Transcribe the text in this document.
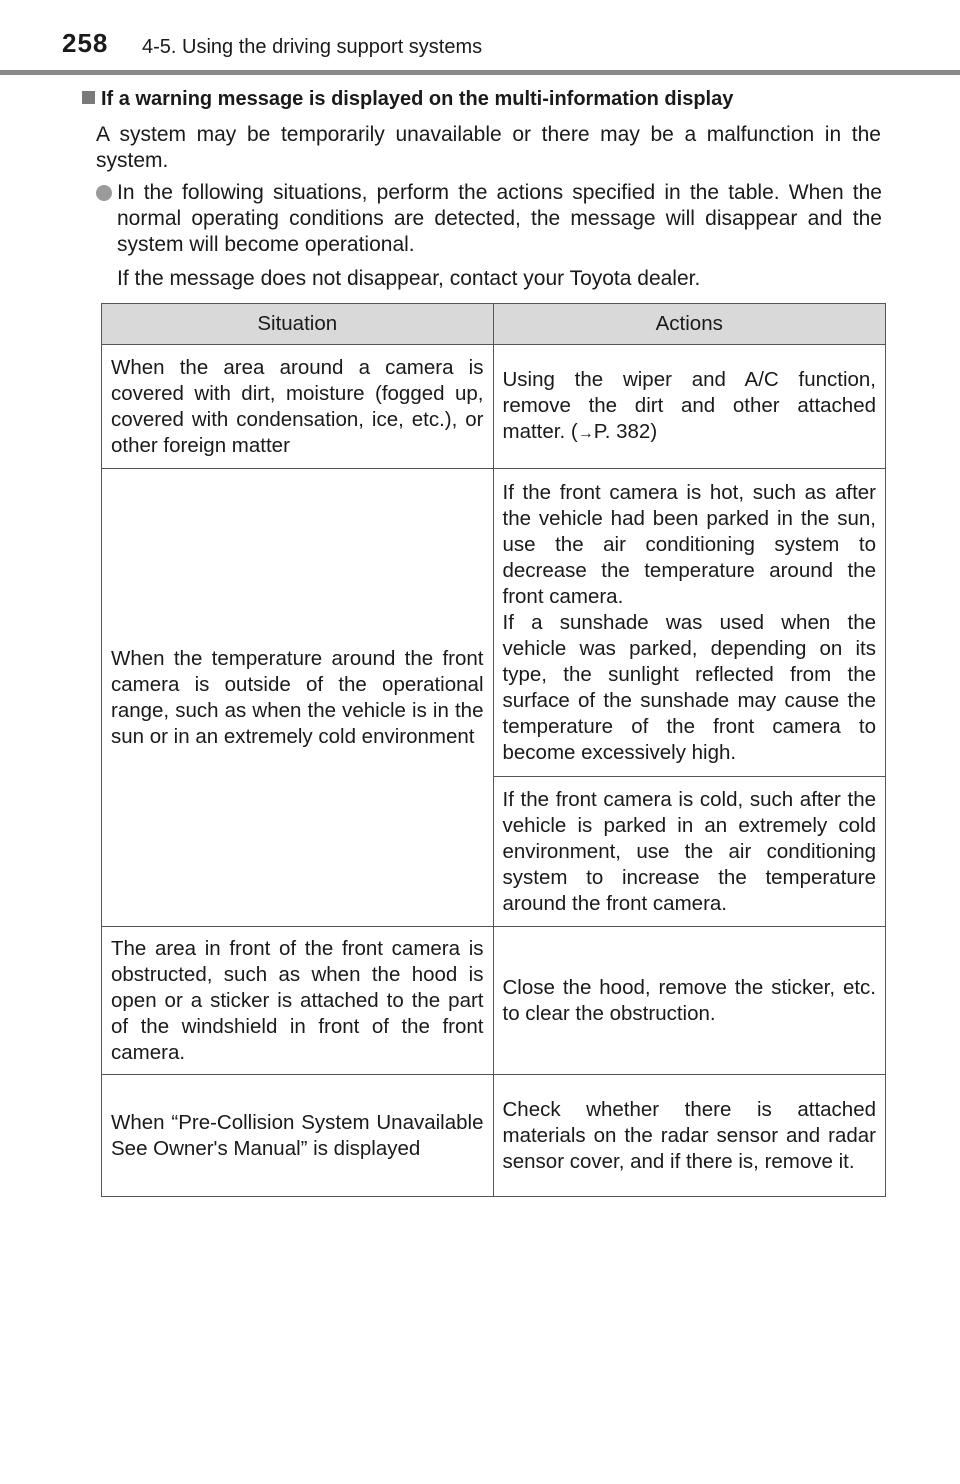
258 4-5. Using the driving support systems
If a warning message is displayed on the multi-information display
A system may be temporarily unavailable or there may be a malfunction in the system.
In the following situations, perform the actions specified in the table. When the normal operating conditions are detected, the message will disappear and the system will become operational.
If the message does not disappear, contact your Toyota dealer.
Situation	Actions
When the area around a camera is covered with dirt, moisture (fogged up, covered with condensation, ice, etc.), or other foreign matter	Using the wiper and A/C function, remove the dirt and other attached matter. (→P. 382)
When the temperature around the front camera is outside of the operational range, such as when the vehicle is in the sun or in an extremely cold environment	If the front camera is hot, such as after the vehicle had been parked in the sun, use the air conditioning system to decrease the temperature around the front camera.
If a sunshade was used when the vehicle was parked, depending on its type, the sunlight reflected from the surface of the sunshade may cause the temperature of the front camera to become excessively high.

	If the front camera is cold, such after the vehicle is parked in an extremely cold environment, use the air conditioning system to increase the temperature around the front camera.
The area in front of the front camera is obstructed, such as when the hood is open or a sticker is attached to the part of the windshield in front of the front camera.	Close the hood, remove the sticker, etc. to clear the obstruction.
When “Pre-Collision System Unavailable See Owner's Manual” is displayed	Check whether there is attached materials on the radar sensor and radar sensor cover, and if there is, remove it.
